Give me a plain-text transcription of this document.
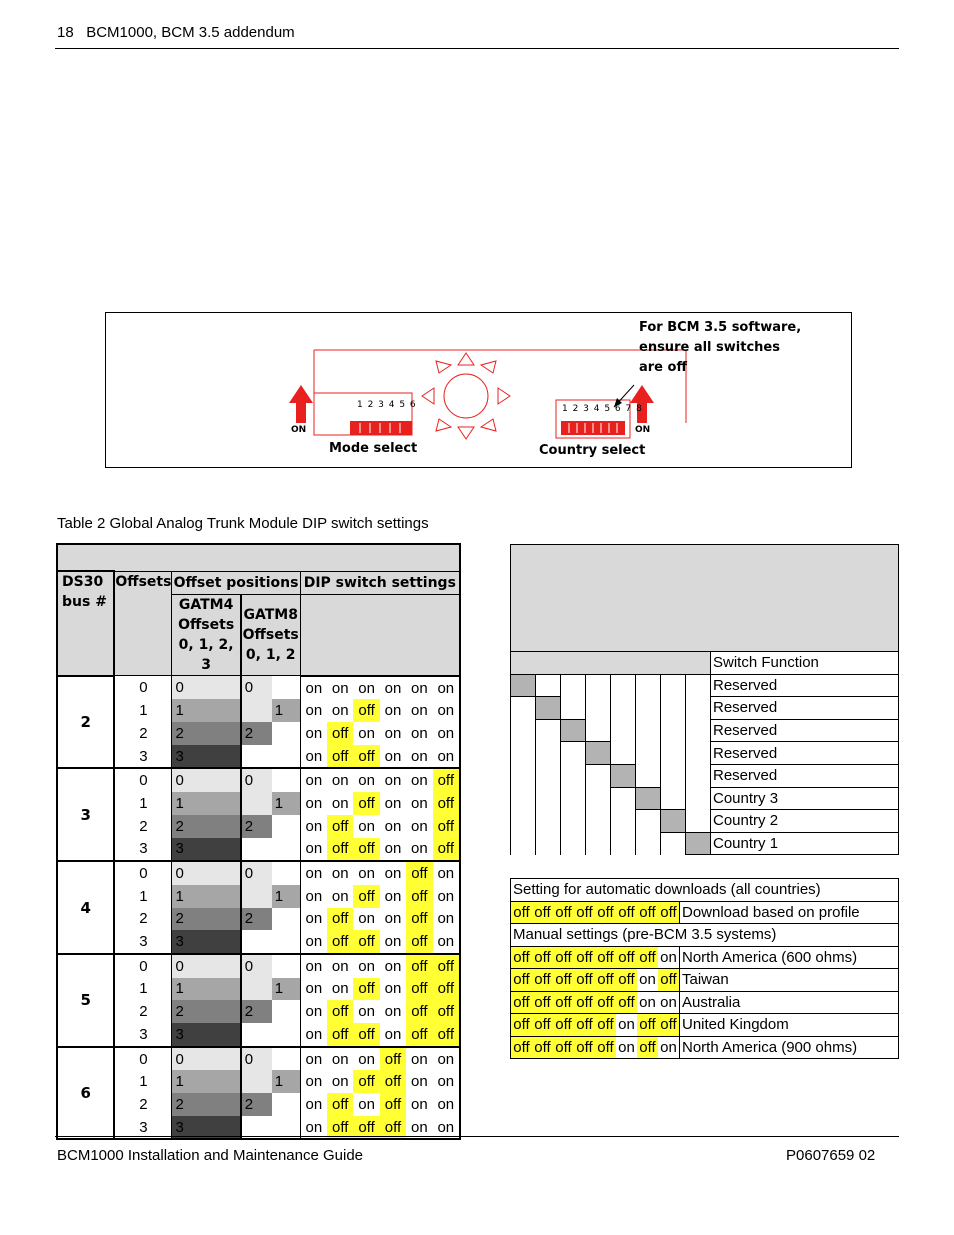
18 BCM1000, BCM 3.5 addendum
For BCM 3.5 software,
ensure all switches
are off
1 2 3 4 5 6	1 2 3 4 5 6 7 8
ON	ON
Mode select	Country select
Table 2 Global Analog Trunk Module DIP switch settings

DS30
bus #	Offsets	Offset positions		DIP switch settings					
		GATM4
Offsets
0, 1, 2, 3	GATM8
Offsets
0, 1, 2						
2	0	0	0	on	on	on	on	on	on
	1	1	1	on	on	off	on	on	on
	2	2	2	on	off	on	on	on	on
	3	3		on	off	off	on	on	on
3	0	0	0	on	on	on	on	on	off
	1	1	1	on	on	off	on	on	off
	2	2	2	on	off	on	on	on	off
	3	3		on	off	off	on	on	off
4	0	0	0	on	on	on	on	off	on
	1	1	1	on	on	off	on	off	on
	2	2	2	on	off	on	on	off	on
	3	3		on	off	off	on	off	on
5	0	0	0	on	on	on	on	off	off
	1	1	1	on	on	off	on	off	off
	2	2	2	on	off	on	on	off	off
	3	3		on	off	off	on	off	off
6	0	0	0	on	on	on	off	on	on
	1	1	1	on	on	off	off	on	on
	2	2	2	on	off	on	off	on	on
	3	3		on	off	off	off	on	on

								Switch Function
								Reserved
								Reserved
								Reserved
								Reserved
								Reserved
								Country 3
								Country 2
								Country 1
Setting for automatic downloads (all countries)								
off	off	off	off	off	off	off	off	Download based on profile
Manual settings (pre-BCM 3.5 systems)								
off	off	off	off	off	off	off	on	North America (600 ohms)
off	off	off	off	off	off	on	off	Taiwan
off	off	off	off	off	off	on	on	Australia
off	off	off	off	off	on	off	off	United Kingdom
off	off	off	off	off	on	off	on	North America (900 ohms)
BCM1000 Installation and Maintenance Guide	P0607659 02
